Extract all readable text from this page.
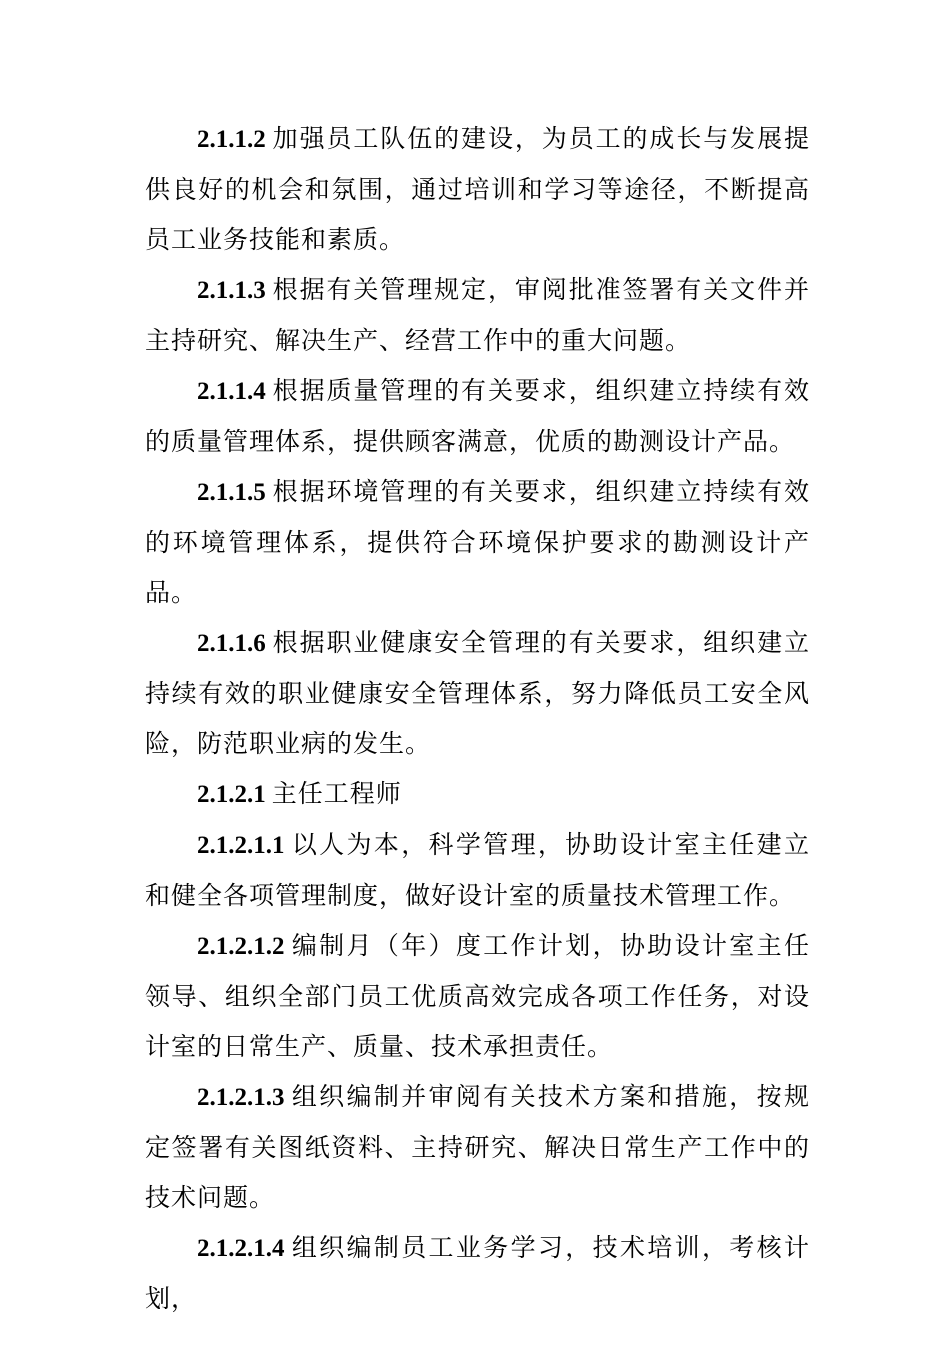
2.1.1.2 加强员工队伍的建设，为员工的成长与发展提供良好的机会和氛围，通过培训和学习等途径，不断提高员工业务技能和素质。

2.1.1.3 根据有关管理规定，审阅批准签署有关文件并主持研究、解决生产、经营工作中的重大问题。

2.1.1.4 根据质量管理的有关要求，组织建立持续有效的质量管理体系，提供顾客满意，优质的勘测设计产品。

2.1.1.5 根据环境管理的有关要求，组织建立持续有效的环境管理体系，提供符合环境保护要求的勘测设计产品。

2.1.1.6 根据职业健康安全管理的有关要求，组织建立持续有效的职业健康安全管理体系，努力降低员工安全风险，防范职业病的发生。

2.1.2.1 主任工程师

2.1.2.1.1 以人为本，科学管理，协助设计室主任建立和健全各项管理制度，做好设计室的质量技术管理工作。

2.1.2.1.2 编制月（年）度工作计划，协助设计室主任领导、组织全部门员工优质高效完成各项工作任务，对设计室的日常生产、质量、技术承担责任。

2.1.2.1.3 组织编制并审阅有关技术方案和措施，按规定签署有关图纸资料、主持研究、解决日常生产工作中的技术问题。

2.1.2.1.4 组织编制员工业务学习，技术培训，考核计划，
